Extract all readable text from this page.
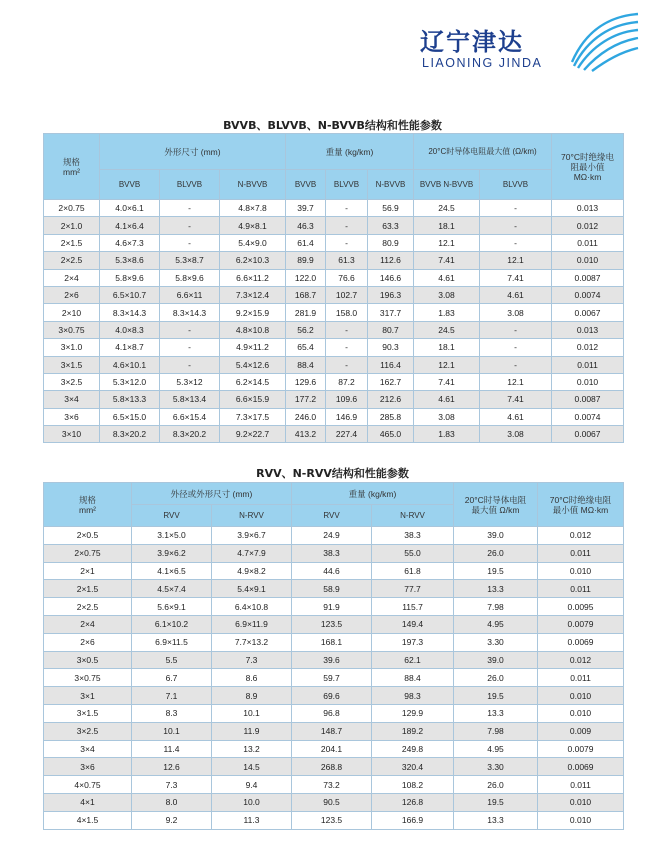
辽宁津达
LIAONING JINDA
BVVB、BLVVB、N-BVVB结构和性能参数
规格
mm²	外形尺寸 (mm)			重量 (kg/km)			20°C时导体电阻最大值 (Ω/km)		70°C时绝缘电阻最小值 MΩ·km
	BVVB	BLVVB	N-BVVB	BVVB	BLVVB	N-BVVB	BVVB N-BVVB	BLVVB	
2×0.75	4.0×6.1	-	4.8×7.8	39.7	-	56.9	24.5	-	0.013
2×1.0	4.1×6.4	-	4.9×8.1	46.3	-	63.3	18.1	-	0.012
2×1.5	4.6×7.3	-	5.4×9.0	61.4	-	80.9	12.1	-	0.011
2×2.5	5.3×8.6	5.3×8.7	6.2×10.3	89.9	61.3	112.6	7.41	12.1	0.010
2×4	5.8×9.6	5.8×9.6	6.6×11.2	122.0	76.6	146.6	4.61	7.41	0.0087
2×6	6.5×10.7	6.6×11	7.3×12.4	168.7	102.7	196.3	3.08	4.61	0.0074
2×10	8.3×14.3	8.3×14.3	9.2×15.9	281.9	158.0	317.7	1.83	3.08	0.0067
3×0.75	4.0×8.3	-	4.8×10.8	56.2	-	80.7	24.5	-	0.013
3×1.0	4.1×8.7	-	4.9×11.2	65.4	-	90.3	18.1	-	0.012
3×1.5	4.6×10.1	-	5.4×12.6	88.4	-	116.4	12.1	-	0.011
3×2.5	5.3×12.0	5.3×12	6.2×14.5	129.6	87.2	162.7	7.41	12.1	0.010
3×4	5.8×13.3	5.8×13.4	6.6×15.9	177.2	109.6	212.6	4.61	7.41	0.0087
3×6	6.5×15.0	6.6×15.4	7.3×17.5	246.0	146.9	285.8	3.08	4.61	0.0074
3×10	8.3×20.2	8.3×20.2	9.2×22.7	413.2	227.4	465.0	1.83	3.08	0.0067
RVV、N-RVV结构和性能参数
规格
mm²	外径或外形尺寸 (mm)		重量 (kg/km)		20°C时导体电阻最大值 Ω/km	70°C时绝缘电阻最小值 MΩ·km
	RVV	N-RVV	RVV	N-RVV		
2×0.5	3.1×5.0	3.9×6.7	24.9	38.3	39.0	0.012
2×0.75	3.9×6.2	4.7×7.9	38.3	55.0	26.0	0.011
2×1	4.1×6.5	4.9×8.2	44.6	61.8	19.5	0.010
2×1.5	4.5×7.4	5.4×9.1	58.9	77.7	13.3	0.011
2×2.5	5.6×9.1	6.4×10.8	91.9	115.7	7.98	0.0095
2×4	6.1×10.2	6.9×11.9	123.5	149.4	4.95	0.0079
2×6	6.9×11.5	7.7×13.2	168.1	197.3	3.30	0.0069
3×0.5	5.5	7.3	39.6	62.1	39.0	0.012
3×0.75	6.7	8.6	59.7	88.4	26.0	0.011
3×1	7.1	8.9	69.6	98.3	19.5	0.010
3×1.5	8.3	10.1	96.8	129.9	13.3	0.010
3×2.5	10.1	11.9	148.7	189.2	7.98	0.009
3×4	11.4	13.2	204.1	249.8	4.95	0.0079
3×6	12.6	14.5	268.8	320.4	3.30	0.0069
4×0.75	7.3	9.4	73.2	108.2	26.0	0.011
4×1	8.0	10.0	90.5	126.8	19.5	0.010
4×1.5	9.2	11.3	123.5	166.9	13.3	0.010
